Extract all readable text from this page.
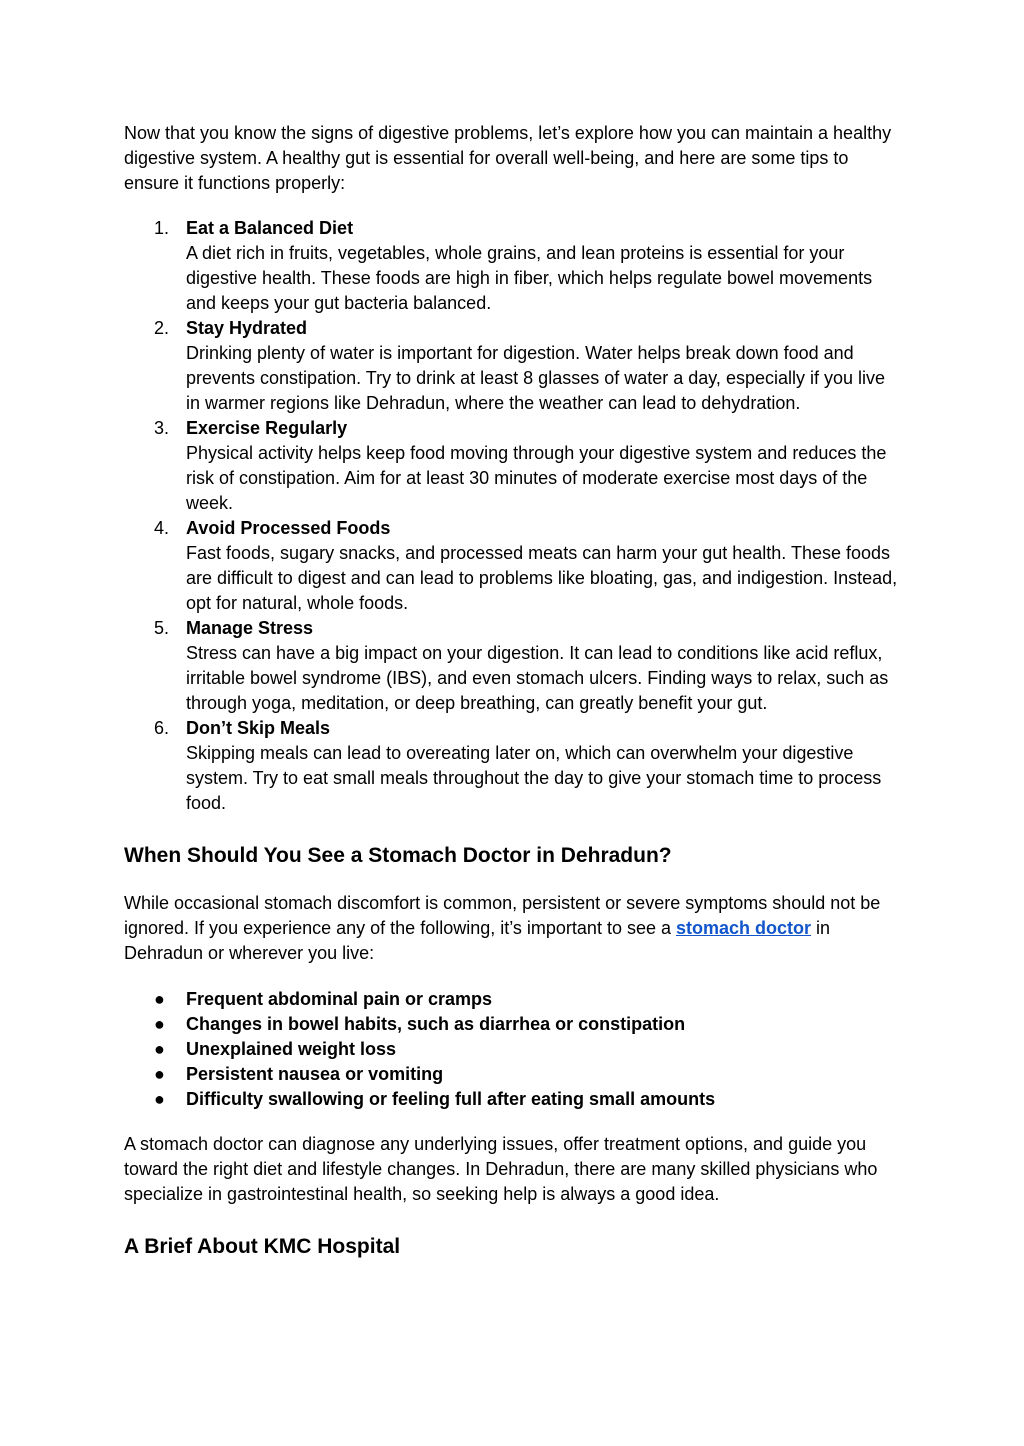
Now that you know the signs of digestive problems, let’s explore how you can maintain a healthy digestive system. A healthy gut is essential for overall well-being, and here are some tips to ensure it functions properly:

1. Eat a Balanced Diet
A diet rich in fruits, vegetables, whole grains, and lean proteins is essential for your digestive health. These foods are high in fiber, which helps regulate bowel movements and keeps your gut bacteria balanced.
2. Stay Hydrated
Drinking plenty of water is important for digestion. Water helps break down food and prevents constipation. Try to drink at least 8 glasses of water a day, especially if you live in warmer regions like Dehradun, where the weather can lead to dehydration.
3. Exercise Regularly
Physical activity helps keep food moving through your digestive system and reduces the risk of constipation. Aim for at least 30 minutes of moderate exercise most days of the week.
4. Avoid Processed Foods
Fast foods, sugary snacks, and processed meats can harm your gut health. These foods are difficult to digest and can lead to problems like bloating, gas, and indigestion. Instead, opt for natural, whole foods.
5. Manage Stress
Stress can have a big impact on your digestion. It can lead to conditions like acid reflux, irritable bowel syndrome (IBS), and even stomach ulcers. Finding ways to relax, such as through yoga, meditation, or deep breathing, can greatly benefit your gut.
6. Don’t Skip Meals
Skipping meals can lead to overeating later on, which can overwhelm your digestive system. Try to eat small meals throughout the day to give your stomach time to process food.
When Should You See a Stomach Doctor in Dehradun?

While occasional stomach discomfort is common, persistent or severe symptoms should not be ignored. If you experience any of the following, it’s important to see a stomach doctor in Dehradun or wherever you live:

● Frequent abdominal pain or cramps
● Changes in bowel habits, such as diarrhea or constipation
● Unexplained weight loss
● Persistent nausea or vomiting
● Difficulty swallowing or feeling full after eating small amounts

A stomach doctor can diagnose any underlying issues, offer treatment options, and guide you toward the right diet and lifestyle changes. In Dehradun, there are many skilled physicians who specialize in gastrointestinal health, so seeking help is always a good idea.

A Brief About KMC Hospital
